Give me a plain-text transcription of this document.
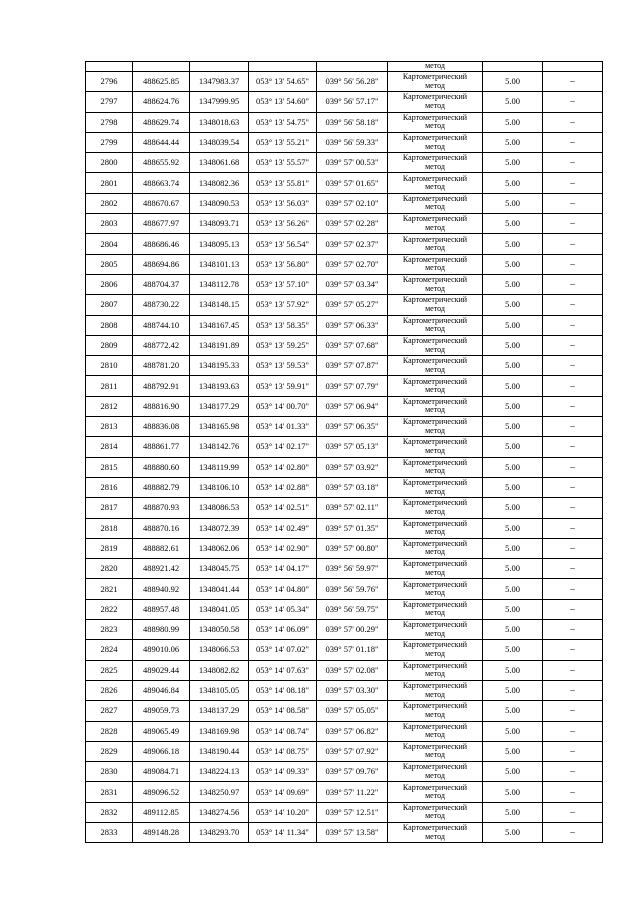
					метод		
2796	488625.85	1347983.37	053° 13' 54.65"	039° 56' 56.28"	Картометрический
метод	5.00	–
2797	488624.76	1347999.95	053° 13' 54.60"	039° 56' 57.17"	Картометрический
метод	5.00	–
2798	488629.74	1348018.63	053° 13' 54.75"	039° 56' 58.18"	Картометрический
метод	5.00	–
2799	488644.44	1348039.54	053° 13' 55.21"	039° 56' 59.33"	Картометрический
метод	5.00	–
2800	488655.92	1348061.68	053° 13' 55.57"	039° 57' 00.53"	Картометрический
метод	5.00	–
2801	488663.74	1348082.36	053° 13' 55.81"	039° 57' 01.65"	Картометрический
метод	5.00	–
2802	488670.67	1348090.53	053° 13' 56.03"	039° 57' 02.10"	Картометрический
метод	5.00	–
2803	488677.97	1348093.71	053° 13' 56.26"	039° 57' 02.28"	Картометрический
метод	5.00	–
2804	488686.46	1348095.13	053° 13' 56.54"	039° 57' 02.37"	Картометрический
метод	5.00	–
2805	488694.86	1348101.13	053° 13' 56.80"	039° 57' 02.70"	Картометрический
метод	5.00	–
2806	488704.37	1348112.78	053° 13' 57.10"	039° 57' 03.34"	Картометрический
метод	5.00	–
2807	488730.22	1348148.15	053° 13' 57.92"	039° 57' 05.27"	Картометрический
метод	5.00	–
2808	488744.10	1348167.45	053° 13' 58.35"	039° 57' 06.33"	Картометрический
метод	5.00	–
2809	488772.42	1348191.89	053° 13' 59.25"	039° 57' 07.68"	Картометрический
метод	5.00	–
2810	488781.20	1348195.33	053° 13' 59.53"	039° 57' 07.87"	Картометрический
метод	5.00	–
2811	488792.91	1348193.63	053° 13' 59.91"	039° 57' 07.79"	Картометрический
метод	5.00	–
2812	488816.90	1348177.29	053° 14' 00.70"	039° 57' 06.94"	Картометрический
метод	5.00	–
2813	488836.08	1348165.98	053° 14' 01.33"	039° 57' 06.35"	Картометрический
метод	5.00	–
2814	488861.77	1348142.76	053° 14' 02.17"	039° 57' 05.13"	Картометрический
метод	5.00	–
2815	488880.60	1348119.99	053° 14' 02.80"	039° 57' 03.92"	Картометрический
метод	5.00	–
2816	488882.79	1348106.10	053° 14' 02.88"	039° 57' 03.18"	Картометрический
метод	5.00	–
2817	488870.93	1348086.53	053° 14' 02.51"	039° 57' 02.11"	Картометрический
метод	5.00	–
2818	488870.16	1348072.39	053° 14' 02.49"	039° 57' 01.35"	Картометрический
метод	5.00	–
2819	488882.61	1348062.06	053° 14' 02.90"	039° 57' 00.80"	Картометрический
метод	5.00	–
2820	488921.42	1348045.75	053° 14' 04.17"	039° 56' 59.97"	Картометрический
метод	5.00	–
2821	488940.92	1348041.44	053° 14' 04.80"	039° 56' 59.76"	Картометрический
метод	5.00	–
2822	488957.48	1348041.05	053° 14' 05.34"	039° 56' 59.75"	Картометрический
метод	5.00	–
2823	488980.99	1348050.58	053° 14' 06.09"	039° 57' 00.29"	Картометрический
метод	5.00	–
2824	489010.06	1348066.53	053° 14' 07.02"	039° 57' 01.18"	Картометрический
метод	5.00	–
2825	489029.44	1348082.82	053° 14' 07.63"	039° 57' 02.08"	Картометрический
метод	5.00	–
2826	489046.84	1348105.05	053° 14' 08.18"	039° 57' 03.30"	Картометрический
метод	5.00	–
2827	489059.73	1348137.29	053° 14' 08.58"	039° 57' 05.05"	Картометрический
метод	5.00	–
2828	489065.49	1348169.98	053° 14' 08.74"	039° 57' 06.82"	Картометрический
метод	5.00	–
2829	489066.18	1348190.44	053° 14' 08.75"	039° 57' 07.92"	Картометрический
метод	5.00	–
2830	489084.71	1348224.13	053° 14' 09.33"	039° 57' 09.76"	Картометрический
метод	5.00	–
2831	489096.52	1348250.97	053° 14' 09.69"	039° 57' 11.22"	Картометрический
метод	5.00	–
2832	489112.85	1348274.56	053° 14' 10.20"	039° 57' 12.51"	Картометрический
метод	5.00	–
2833	489148.28	1348293.70	053° 14' 11.34"	039° 57' 13.58"	Картометрический
метод	5.00	–
